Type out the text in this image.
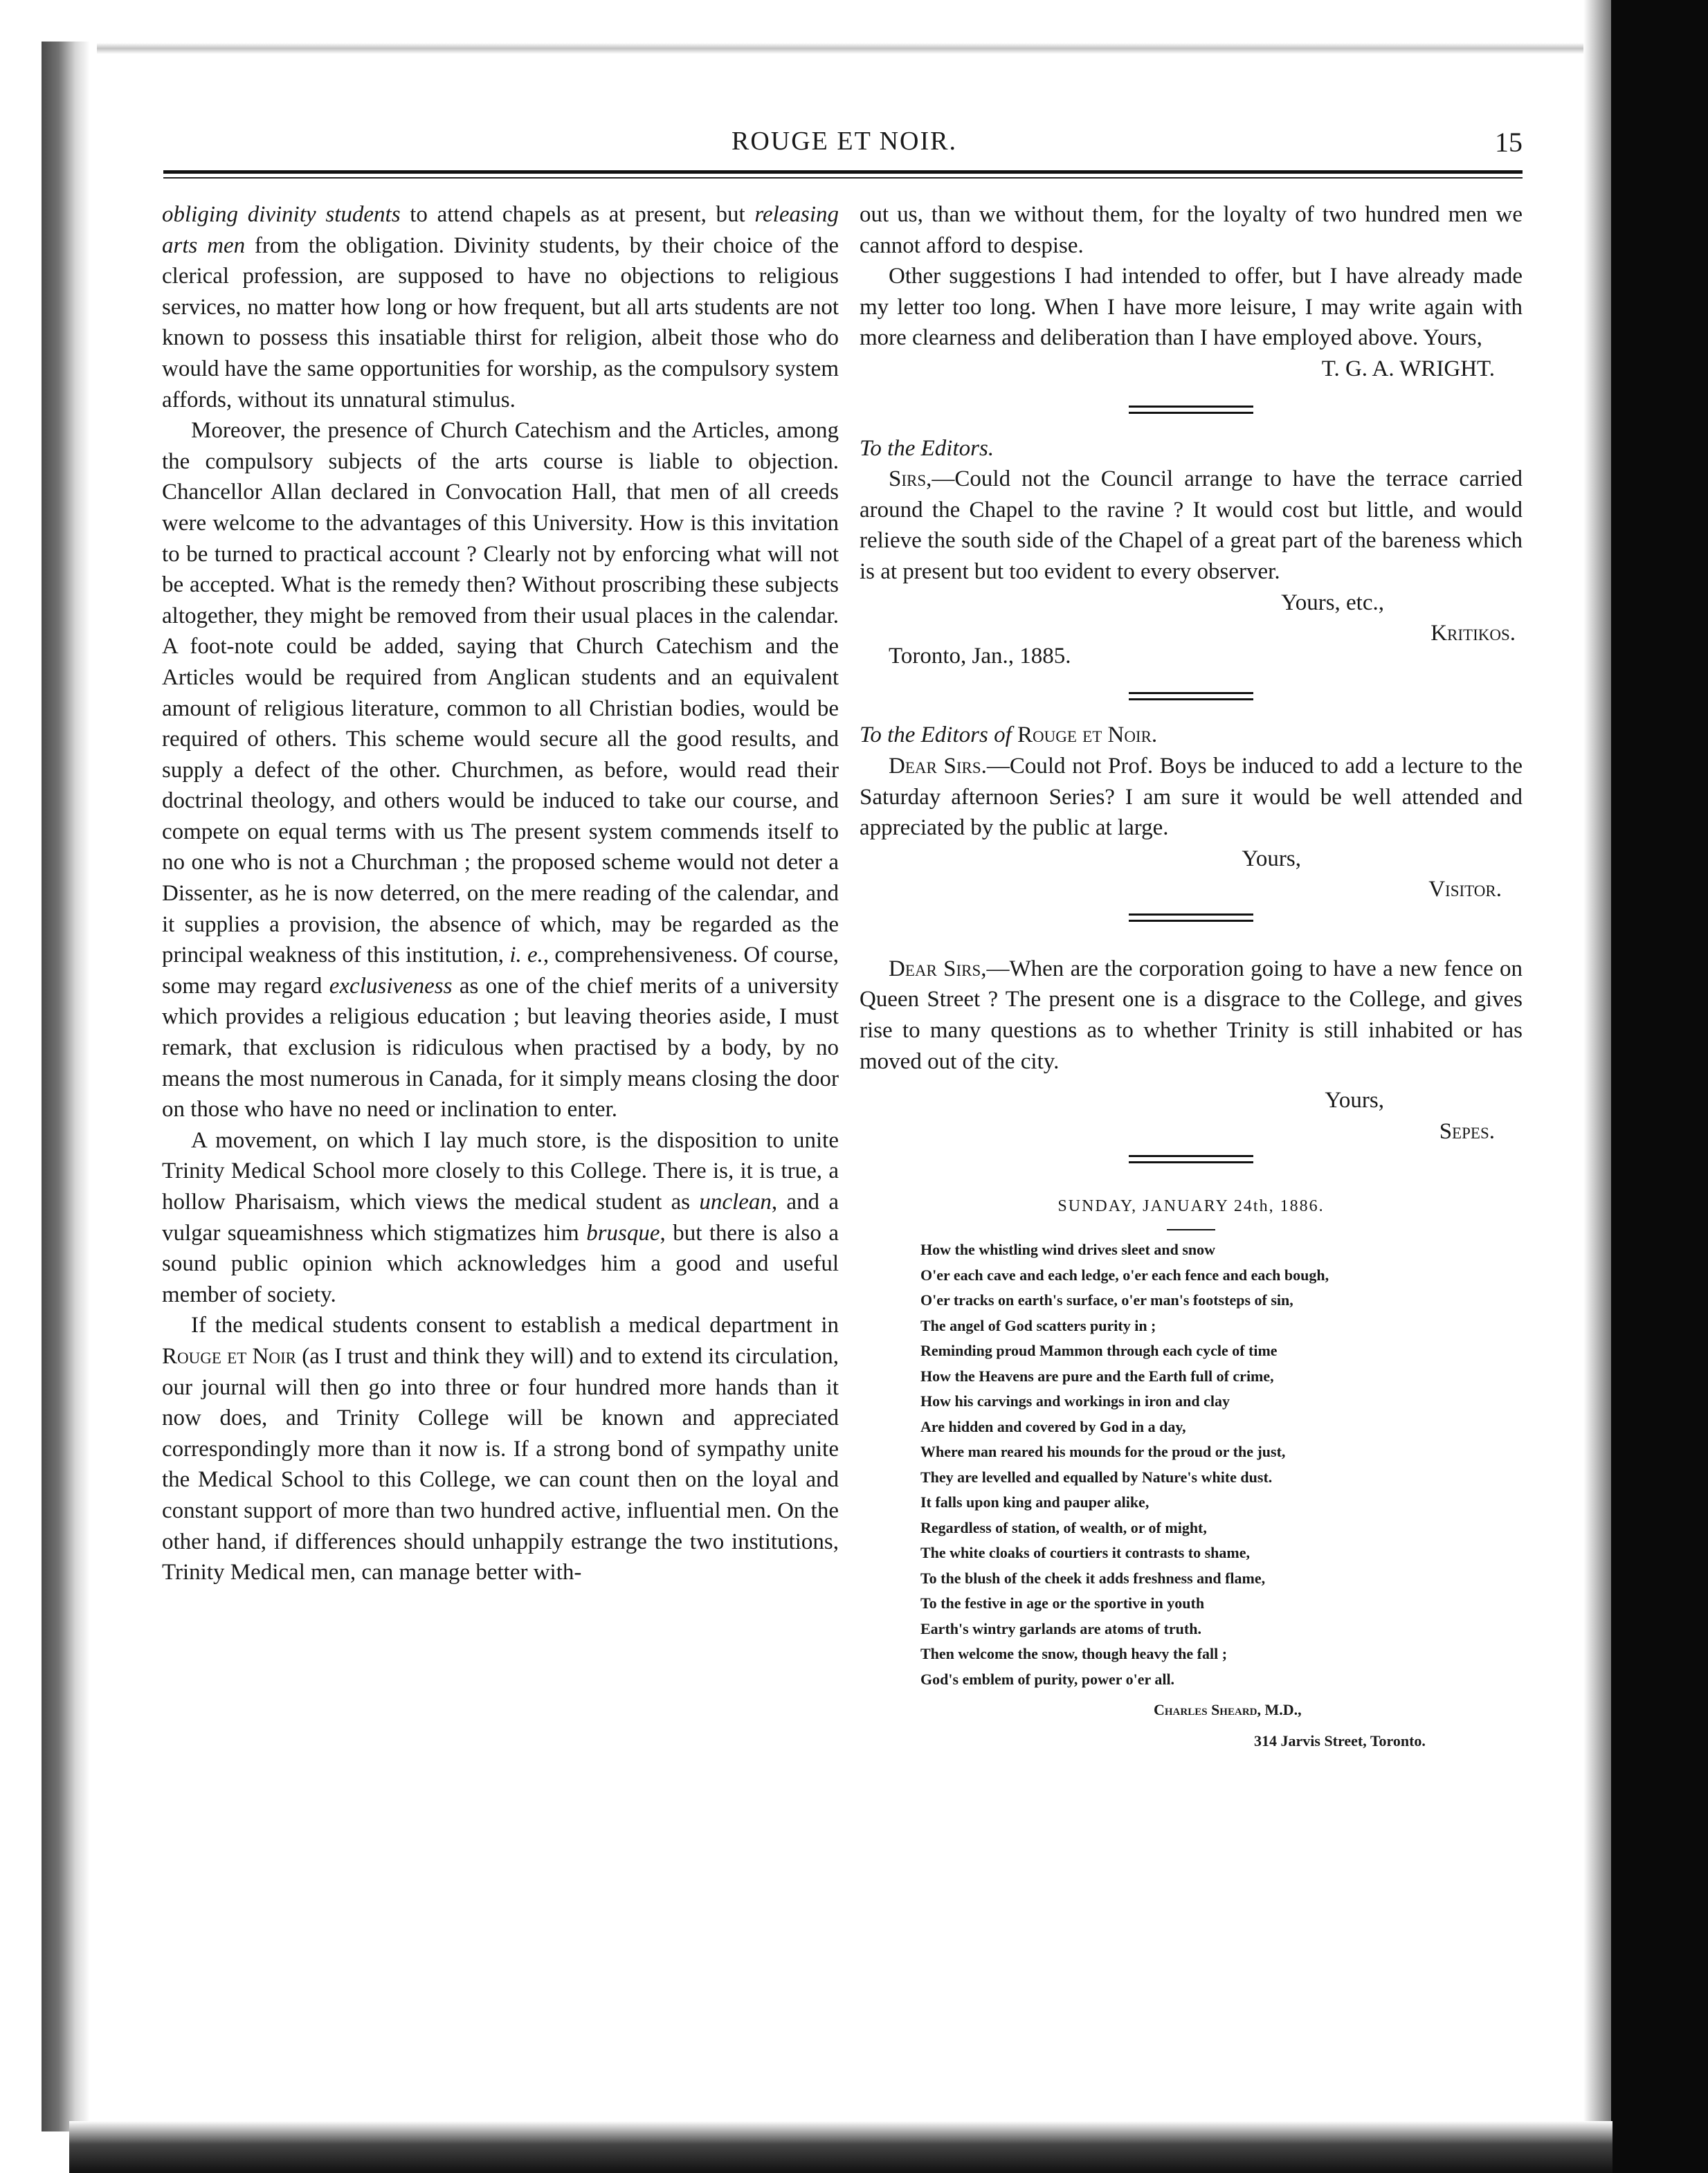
ROUGE ET NOIR.	15

obliging divinity students to attend chapels as at present, but releasing arts men from the obligation. Divinity students, by their choice of the clerical profession, are supposed to have no objections to religious services, no matter how long or how frequent, but all arts students are not known to possess this insatiable thirst for religion, albeit those who do would have the same opportunities for worship, as the compulsory system affords, without its unnatural stimulus.

Moreover, the presence of Church Catechism and the Articles, among the compulsory subjects of the arts course is liable to objection. Chancellor Allan declared in Convocation Hall, that men of all creeds were welcome to the advantages of this University. How is this invitation to be turned to practical account ? Clearly not by enforcing what will not be accepted. What is the remedy then? Without proscribing these subjects altogether, they might be removed from their usual places in the calendar. A foot-note could be added, saying that Church Catechism and the Articles would be required from Anglican students and an equivalent amount of religious literature, common to all Christian bodies, would be required of others. This scheme would secure all the good results, and supply a defect of the other. Churchmen, as before, would read their doctrinal theology, and others would be induced to take our course, and compete on equal terms with us The present system commends itself to no one who is not a Churchman ; the proposed scheme would not deter a Dissenter, as he is now deterred, on the mere reading of the calendar, and it supplies a provision, the absence of which, may be regarded as the principal weakness of this institution, i. e., comprehensiveness. Of course, some may regard exclusiveness as one of the chief merits of a university which provides a religious education ; but leaving theories aside, I must remark, that exclusion is ridiculous when practised by a body, by no means the most numerous in Canada, for it simply means closing the door on those who have no need or inclination to enter.

A movement, on which I lay much store, is the disposition to unite Trinity Medical School more closely to this College. There is, it is true, a hollow Pharisaism, which views the medical student as unclean, and a vulgar squeamishness which stigmatizes him brusque, but there is also a sound public opinion which acknowledges him a good and useful member of society.

If the medical students consent to establish a medical department in Rouge et Noir (as I trust and think they will) and to extend its circulation, our journal will then go into three or four hundred more hands than it now does, and Trinity College will be known and appreciated correspondingly more than it now is. If a strong bond of sympathy unite the Medical School to this College, we can count then on the loyal and constant support of more than two hundred active, influential men. On the other hand, if differences should unhappily estrange the two institutions, Trinity Medical men, can manage better with-

out us, than we without them, for the loyalty of two hundred men we cannot afford to despise.

Other suggestions I had intended to offer, but I have already made my letter too long. When I have more leisure, I may write again with more clearness and deliberation than I have employed above. Yours,

T. G. A. WRIGHT.

To the Editors.

Sirs,—Could not the Council arrange to have the terrace carried around the Chapel to the ravine ? It would cost but little, and would relieve the south side of the Chapel of a great part of the bareness which is at present but too evident to every observer.

Yours, etc.,

Kritikos.

Toronto, Jan., 1885.

To the Editors of Rouge et Noir.

Dear Sirs.—Could not Prof. Boys be induced to add a lecture to the Saturday afternoon Series? I am sure it would be well attended and appreciated by the public at large.

Yours,

Visitor.

Dear Sirs,—When are the corporation going to have a new fence on Queen Street ? The present one is a disgrace to the College, and gives rise to many questions as to whether Trinity is still inhabited or has moved out of the city.

Yours,

Sepes.

SUNDAY, JANUARY 24th, 1886.
How the whistling wind drives sleet and snow
O'er each cave and each ledge, o'er each fence and each bough,
O'er tracks on earth's surface, o'er man's footsteps of sin,
The angel of God scatters purity in ;
Reminding proud Mammon through each cycle of time
How the Heavens are pure and the Earth full of crime,
How his carvings and workings in iron and clay
Are hidden and covered by God in a day,
Where man reared his mounds for the proud or the just,
They are levelled and equalled by Nature's white dust.
It falls upon king and pauper alike,
Regardless of station, of wealth, or of might,
The white cloaks of courtiers it contrasts to shame,
To the blush of the cheek it adds freshness and flame,
To the festive in age or the sportive in youth
Earth's wintry garlands are atoms of truth.
Then welcome the snow, though heavy the fall ;
God's emblem of purity, power o'er all.
Charles Sheard, M.D.,
314 Jarvis Street, Toronto.
